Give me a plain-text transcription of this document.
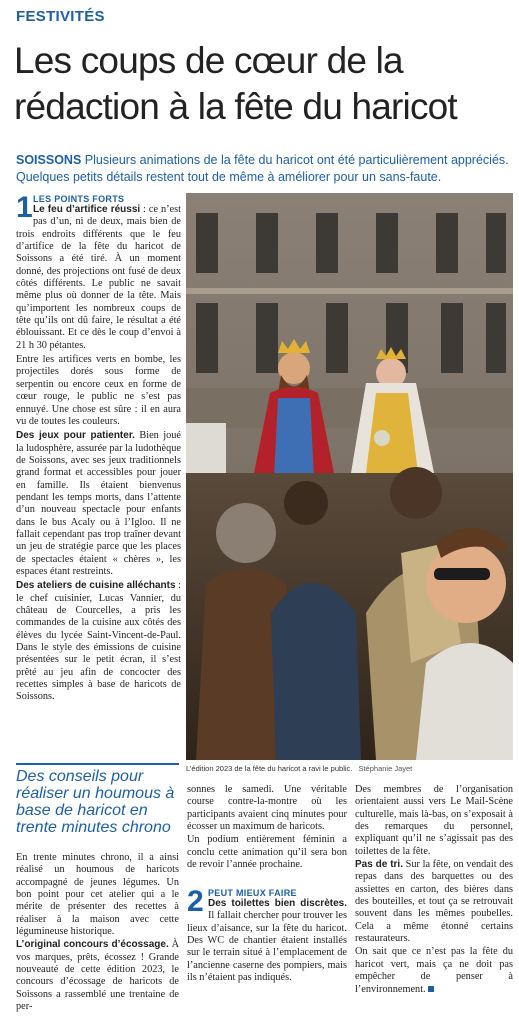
FESTIVITÉS
Les coups de cœur de la
rédaction à la fête du haricot
SOISSONS Plusieurs animations de la fête du haricot ont été particulièrement appréciés. Quelques petits détails restent tout de même à améliorer pour un sans-faute.
1 LES POINTS FORTS

Le feu d’artifice réussi : ce n’est pas d’un, ni de deux, mais bien de trois endroits différents que le feu d’artifice de la fête du haricot de Soissons a été tiré. À un moment donné, des projections ont fusé de deux côtés différents. Le public ne savait même plus où donner de la tête. Mais qu’importent les nombreux coups de tête qu’ils ont dû faire, le résultat a été éblouissant. Et ce dès le coup d’envoi à 21 h 30 pétantes.

Entre les artifices verts en bombe, les projectiles dorés sous forme de serpentin ou encore ceux en forme de cœur rouge, le public ne s’est pas ennuyé. Une chose est sûre : il en aura vu de toutes les couleurs.

Des jeux pour patienter. Bien joué la ludosphère, assurée par la ludothèque de Soissons, avec ses jeux traditionnels grand format et accessibles pour jouer en famille. Ils étaient bienvenus pendant les temps morts, dans l’attente d’un nouveau spectacle pour enfants dans le bus Acaly ou à l’Igloo. Il ne fallait cependant pas trop traîner devant un jeu de stratégie parce que les places de spectacles étaient « chères », les espaces étant restreints.

Des ateliers de cuisine alléchants : le chef cuisinier, Lucas Vannier, du château de Courcelles, a pris les commandes de la cuisine aux côtés des élèves du lycée Saint-Vincent-de-Paul. Dans le style des émissions de cuisine présentées sur le petit écran, il s’est prêté au jeu afin de concocter des recettes simples à base de haricots de Soissons.

L’édition 2023 de la fête du haricot a ravi le public. Stéphanie Jayet
Des conseils pour réaliser un houmous à base de haricot en trente minutes chrono

En trente minutes chrono, il a ainsi réalisé un houmous de haricots accompagné de jeunes légumes. Un bon point pour cet atelier qui a le mérite de présenter des recettes à réaliser à la maison avec cette légumineuse historique.

L’original concours d’écossage. À vos marques, prêts, écossez ! Grande nouveauté de cette édition 2023, le concours d’écossage de haricots de Soissons a rassemblé une trentaine de per-

sonnes le samedi. Une véritable course contre-la-montre où les participants avaient cinq minutes pour écosser un maximum de haricots.

Un podium entièrement féminin a conclu cette animation qu’il sera bon de revoir l’année prochaine.

2 PEUT MIEUX FAIRE

Des toilettes bien discrètes. Il fallait chercher pour trouver les lieux d’aisance, sur la fête du haricot. Des WC de chantier étaient installés sur le terrain situé à l’emplacement de l’ancienne caserne des pompiers, mais ils n’étaient pas indiqués.

Des membres de l’organisation orientaient aussi vers Le Mail-Scène culturelle, mais là-bas, on s’exposait à des remarques du personnel, expliquant qu’il ne s’agissait pas des toilettes de la fête.

Pas de tri. Sur la fête, on vendait des repas dans des barquettes ou des assiettes en carton, des bières dans des bouteilles, et tout ça se retrouvait souvent dans les mêmes poubelles. Cela a même étonné certains restaurateurs.

On sait que ce n’est pas la fête du haricot vert, mais ça ne doit pas empêcher de penser à l’environnement.
